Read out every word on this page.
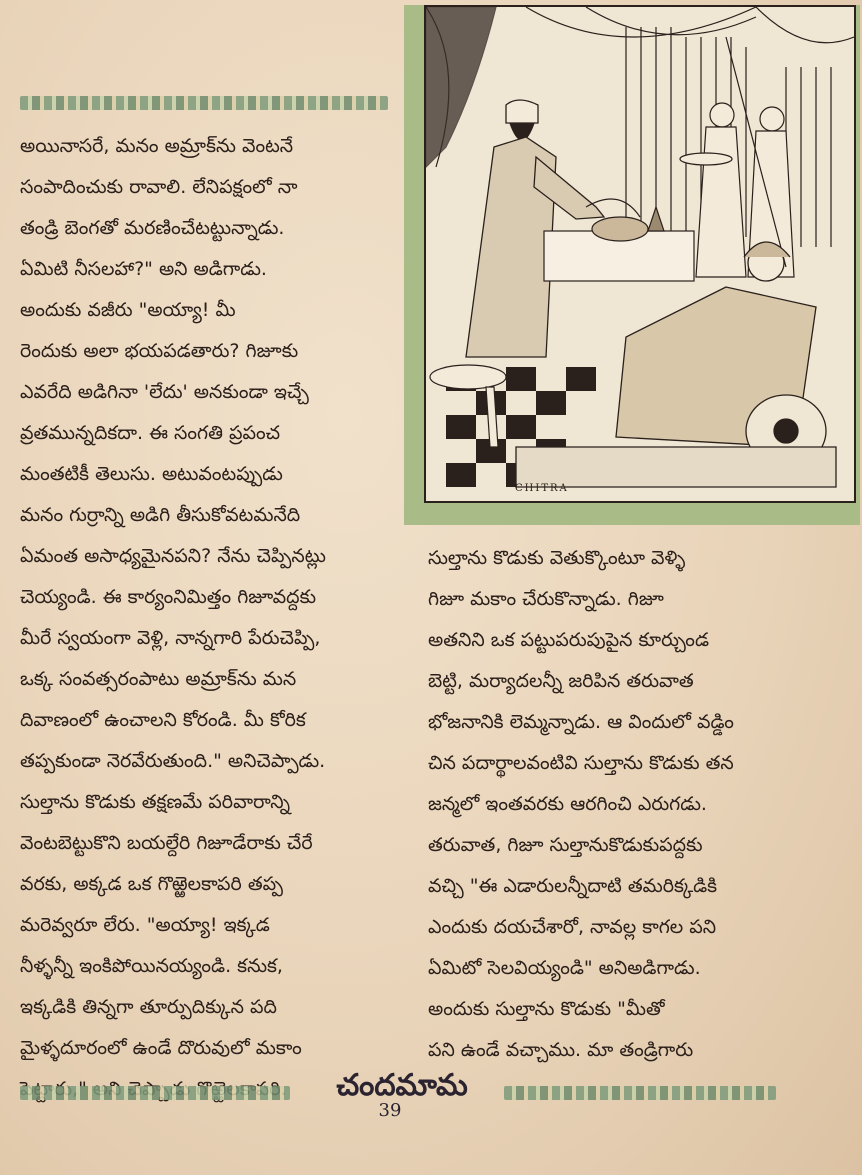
CHITRA

అయినాసరే, మనం అమ్రాక్‌ను వెంటనే

సంపాదించుకు రావాలి. లేనిపక్షంలో నా

తండ్రి బెంగతో మరణించేటట్టున్నాడు.

ఏమిటి నీసలహా?" అని అడిగాడు.

అందుకు వజీరు "అయ్యా! మీ

రెందుకు అలా భయపడతారు? గిజూకు

ఎవరేది అడిగినా 'లేదు' అనకుండా ఇచ్చే

వ్రతమున్నదికదా. ఈ సంగతి ప్రపంచ

మంతటికీ తెలుసు. అటువంటప్పుడు

మనం గుర్రాన్ని అడిగి తీసుకోవటమనేది

ఏమంత అసాధ్యమైనపని? నేను చెప్పినట్లు

చెయ్యండి. ఈ కార్యంనిమిత్తం గిజూవద్దకు

మీరే స్వయంగా వెళ్లి, నాన్నగారి పేరుచెప్పి,

ఒక్క సంవత్సరంపాటు అమ్రాక్‌ను మన

దివాణంలో ఉంచాలని కోరండి. మీ కోరిక

తప్పకుండా నెరవేరుతుంది." అనిచెప్పాడు.

సుల్తాను కొడుకు తక్షణమే పరివారాన్ని

వెంటబెట్టుకొని బయల్దేరి గిజూడేరాకు చేరే

వరకు, అక్కడ ఒక గొఱ్ఱెలకాపరి తప్ప

మరెవ్వరూ లేరు. "అయ్యా! ఇక్కడ

నీళ్ళన్నీ ఇంకిపోయినయ్యండి. కనుక,

ఇక్కడికి తిన్నగా తూర్పుదిక్కున పది

మైళ్ళదూరంలో ఉండే దొరువులో మకాం

సుల్తాను కొడుకు వెతుక్కొంటూ వెళ్ళి

గిజూ మకాం చేరుకొన్నాడు. గిజూ

అతనిని ఒక పట్టుపరుపుపైన కూర్చుండ

బెట్టి, మర్యాదలన్నీ జరిపిన తరువాత

భోజనానికి లెమ్మన్నాడు. ఆ విందులో వడ్డిం

చిన పదార్థాలవంటివి సుల్తాను కొడుకు తన

జన్మలో ఇంతవరకు ఆరగించి ఎరుగడు.

తరువాత, గిజూ సుల్తానుకొడుకుపద్దకు

వచ్చి "ఈ ఎడారులన్నీదాటి తమరిక్కడికి

ఎందుకు దయచేశారో, నావల్ల కాగల పని

ఏమిటో సెలవియ్యండి" అనిఅడిగాడు.

అందుకు సుల్తాను కొడుకు "మీతో

పని ఉండే వచ్చాము. మా తండ్రిగారు

చందమామ
39
